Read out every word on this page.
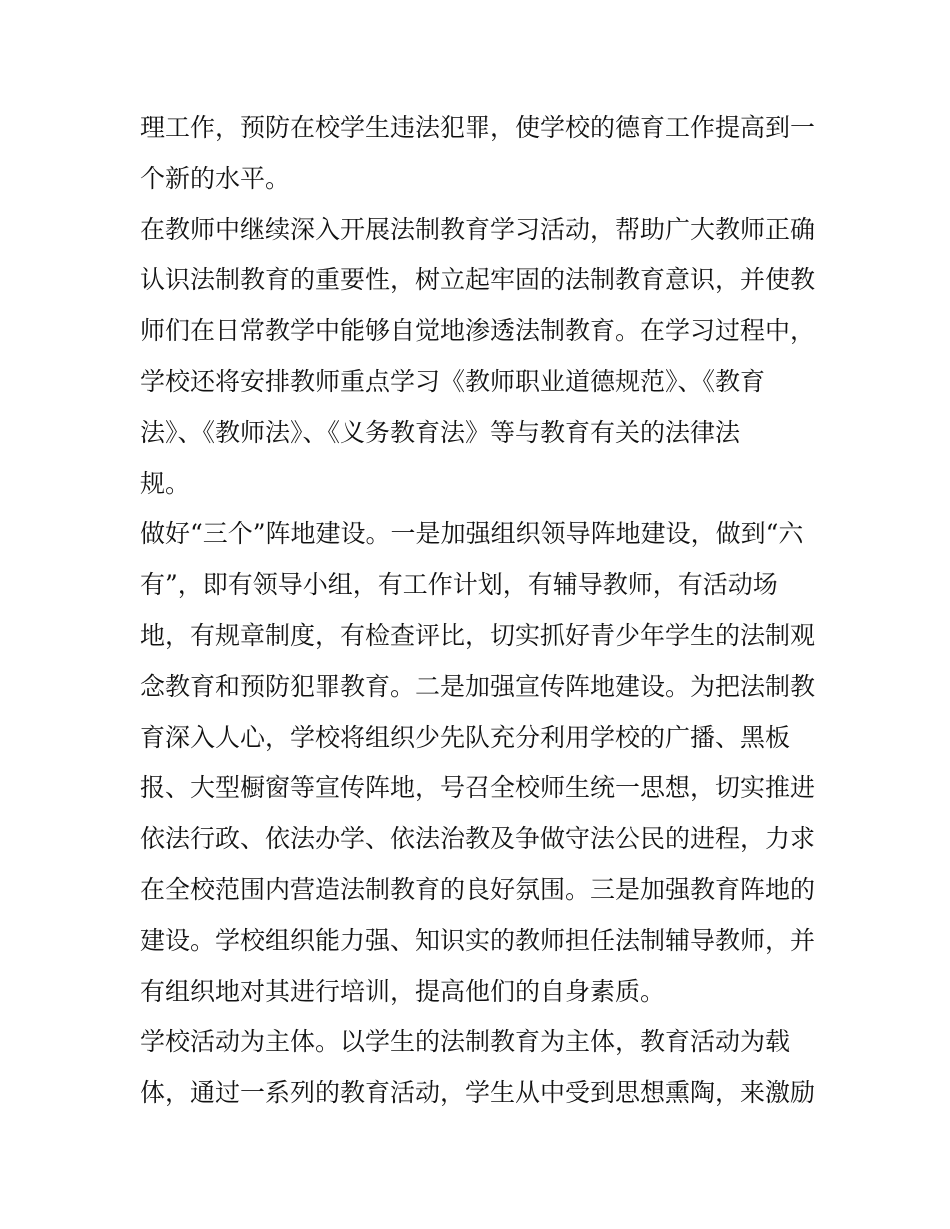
理工作，预防在校学生违法犯罪，使学校的德育工作提高到一
个新的水平。
在教师中继续深入开展法制教育学习活动，帮助广大教师正确
认识法制教育的重要性，树立起牢固的法制教育意识，并使教
师们在日常教学中能够自觉地渗透法制教育。在学习过程中，
学校还将安排教师重点学习《教师职业道德规范》、《教育
法》、《教师法》、《义务教育法》等与教育有关的法律法
规。
做好“三个”阵地建设。一是加强组织领导阵地建设，做到“六
有”，即有领导小组，有工作计划，有辅导教师，有活动场
地，有规章制度，有检查评比，切实抓好青少年学生的法制观
念教育和预防犯罪教育。二是加强宣传阵地建设。为把法制教
育深入人心，学校将组织少先队充分利用学校的广播、黑板
报、大型橱窗等宣传阵地，号召全校师生统一思想，切实推进
依法行政、依法办学、依法治教及争做守法公民的进程，力求
在全校范围内营造法制教育的良好氛围。三是加强教育阵地的
建设。学校组织能力强、知识实的教师担任法制辅导教师，并
有组织地对其进行培训，提高他们的自身素质。
学校活动为主体。以学生的法制教育为主体，教育活动为载
体，通过一系列的教育活动，学生从中受到思想熏陶，来激励
